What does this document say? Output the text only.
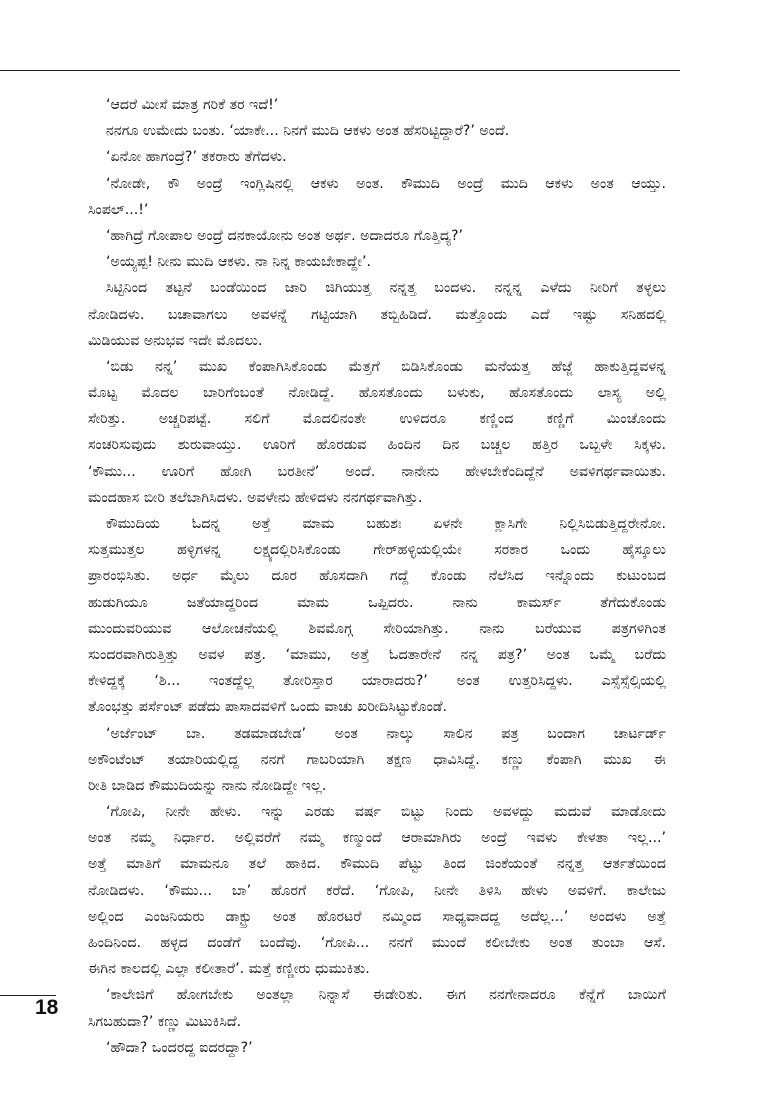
‘ಆದರೆ ಮೀಸೆ ಮಾತ್ರ ಗರಿಕೆ ತರ ಇದೆ!’
ನನಗೂ ಉಮೇದು ಬಂತು. ‘ಯಾಕೇ... ನಿನಗೆ ಮುದಿ ಆಕಳು ಅಂತ ಹೆಸರಿಟ್ಟಿದ್ದಾರೆ?’ ಅಂದೆ.
‘ಏನೋ ಹಾಗಂದ್ರೆ?’ ತಕರಾರು ತೆಗೆದಳು.
‘ನೋಡೇ, ಕೌ ಅಂದ್ರೆ ಇಂಗ್ಲಿಷಿನಲ್ಲಿ ಆಕಳು ಅಂತ. ಕೌಮುದಿ ಅಂದ್ರೆ ಮುದಿ ಆಕಳು ಅಂತ ಆಯ್ತು.
ಸಿಂಪಲ್...!’
‘ಹಾಗಿದ್ರೆ ಗೋಪಾಲ ಅಂದ್ರೆ ದನಕಾಯೋನು ಅಂತ ಅರ್ಥ. ಅದಾದರೂ ಗೊತ್ತಿದ್ಯ?’
‘ಅಯ್ಯಪ್ಪ! ನೀನು ಮುದಿ ಆಕಳು. ನಾ ನಿನ್ನ ಕಾಯಬೇಕಾದ್ದೇ’.
ಸಿಟ್ಟಿನಿಂದ ತಟ್ಟನೆ ಬಂಡೆಯಿಂದ ಜಾರಿ ಜಿಗಿಯುತ್ತ ನನ್ನತ್ತ ಬಂದಳು. ನನ್ನನ್ನ ಎಳೆದು ನೀರಿಗೆ ತಳ್ಳಲು
ನೋಡಿದಳು. ಬಚಾವಾಗಲು ಅವಳನ್ನೆ ಗಟ್ಟಿಯಾಗಿ ತಬ್ಬಿಹಿಡಿದೆ. ಮತ್ತೊಂದು ಎದೆ ಇಷ್ಟು ಸನಿಹದಲ್ಲಿ
ಮಿಡಿಯುವ ಅನುಭವ ಇದೇ ಮೊದಲು.
‘ಬಿಡು ನನ್ನ’ ಮುಖ ಕೆಂಪಾಗಿಸಿಕೊಂಡು ಮೆತ್ತಗೆ ಬಿಡಿಸಿಕೊಂಡು ಮನೆಯತ್ತ ಹೆಜ್ಜೆ ಹಾಕುತ್ತಿದ್ದವಳನ್ನ
ಮೊಟ್ಟ ಮೊದಲ ಬಾರಿಗೆಂಬಂತೆ ನೋಡಿದ್ದೆ. ಹೊಸತೊಂದು ಬಳುಕು, ಹೊಸತೊಂದು ಲಾಸ್ಯ ಅಲ್ಲಿ
ಸೇರಿತ್ತು. ಅಚ್ಚರಿಪಟ್ಟೆ. ಸಲಿಗೆ ಮೊದಲಿನಂತೇ ಉಳಿದರೂ ಕಣ್ಣಿಂದ ಕಣ್ಣಿಗೆ ಮಿಂಚೊಂದು
ಸಂಚರಿಸುವುದು ಶುರುವಾಯ್ತು. ಊರಿಗೆ ಹೊರಡುವ ಹಿಂದಿನ ದಿನ ಬಚ್ಚಲ ಹತ್ತಿರ ಒಬ್ಬಳೇ ಸಿಕ್ಕಳು.
‘ಕೌಮು... ಊರಿಗೆ ಹೋಗಿ ಬರತೀನೆ’ ಅಂದೆ. ನಾನೇನು ಹೇಳಬೇಕೆಂದಿದ್ದೆನೆ ಅವಳಿಗರ್ಥವಾಯಿತು.
ಮಂದಹಾಸ ಬೀರಿ ತಲೆಬಾಗಿಸಿದಳು. ಅವಳೇನು ಹೇಳಿದಳು ನನಗರ್ಥವಾಗಿತ್ತು.
ಕೌಮುದಿಯ ಓದನ್ನ ಅತ್ತೆ ಮಾಮ ಬಹುಶಃ ಏಳನೇ ಕ್ಲಾಸಿಗೇ ನಿಲ್ಲಿಸಿಬಿಡುತ್ತಿದ್ದರೇನೋ.
ಸುತ್ತಮುತ್ತಲ ಹಳ್ಳಿಗಳನ್ನ ಲಕ್ಷ್ಯದಲ್ಲಿರಿಸಿಕೊಂಡು ಗೇರ್‌ಹಳ್ಳಿಯಲ್ಲಿಯೇ ಸರಕಾರ ಒಂದು ಹೈಸ್ಕೂಲು
ಪ್ರಾರಂಭಿಸಿತು. ಅರ್ಧ ಮೈಲು ದೂರ ಹೊಸದಾಗಿ ಗದ್ದೆ ಕೊಂಡು ನೆಲೆಸಿದ ಇನ್ನೊಂದು ಕುಟುಂಬದ
ಹುಡುಗಿಯೂ ಜತೆಯಾದ್ದರಿಂದ ಮಾಮ ಒಪ್ಪಿದರು. ನಾನು ಕಾಮರ್ಸ್ ತೆಗೆದುಕೊಂಡು
ಮುಂದುವರಿಯುವ ಆಲೋಚನೆಯಲ್ಲಿ ಶಿವಮೊಗ್ಗ ಸೇರಿಯಾಗಿತ್ತು. ನಾನು ಬರೆಯುವ ಪತ್ರಗಳಿಗಿಂತ
ಸುಂದರವಾಗಿರುತ್ತಿತ್ತು ಅವಳ ಪತ್ರ. ‘ಮಾಮು, ಅತ್ತೆ ಓದತಾರೇನೆ ನನ್ನ ಪತ್ರ?’ ಅಂತ ಒಮ್ಮೆ ಬರೆದು
ಕೇಳಿದ್ದಕ್ಕೆ ‘ಶಿ... ಇಂತದ್ದೆಲ್ಲ ತೋರಿಸ್ತಾರ ಯಾರಾದರು?’ ಅಂತ ಉತ್ತರಿಸಿದ್ದಳು. ಎಸ್ಸೆಸ್ಸೆಲ್ಸಿಯಲ್ಲಿ
ತೊಂಭತ್ತು ಪರ್ಸೆಂಟ್ ಪಡೆದು ಪಾಸಾದವಳಿಗೆ ಒಂದು ವಾಚು ಖರೀದಿಸಿಟ್ಟುಕೊಂಡೆ.
‘ಅರ್ಜೆಂಟ್ ಬಾ. ತಡಮಾಡಬೇಡ’ ಅಂತ ನಾಲ್ಕು ಸಾಲಿನ ಪತ್ರ ಬಂದಾಗ ಚಾರ್ಟರ್ಡ್
ಅಕೌಂಟೆಂಟ್ ತಯಾರಿಯಲ್ಲಿದ್ದ ನನಗೆ ಗಾಬರಿಯಾಗಿ ತಕ್ಷಣ ಧಾವಿಸಿದ್ದೆ. ಕಣ್ಣು ಕೆಂಪಾಗಿ ಮುಖ ಈ
ರೀತಿ ಬಾಡಿದ ಕೌಮುದಿಯನ್ನು ನಾನು ನೋಡಿದ್ದೇ ಇಲ್ಲ.
‘ಗೋಪಿ, ನೀನೇ ಹೇಳು. ಇನ್ನು ಎರಡು ವರ್ಷ ಬಿಟ್ಟು ನಿಂದು ಅವಳದ್ದು ಮದುವೆ ಮಾಡೋದು
ಅಂತ ನಮ್ಮ ನಿರ್ಧಾರ. ಅಲ್ಲಿವರೆಗೆ ನಮ್ಮ ಕಣ್ಮುಂದೆ ಆರಾಮಾಗಿರು ಅಂದ್ರೆ ಇವಳು ಕೇಳತಾ ಇಲ್ಲ...’
ಅತ್ತೆ ಮಾತಿಗೆ ಮಾಮನೂ ತಲೆ ಹಾಕಿದ. ಕೌಮುದಿ ಪೆಟ್ಟು ತಿಂದ ಜಿಂಕೆಯಂತೆ ನನ್ನತ್ತ ಆರ್ತತೆಯಿಂದ
ನೋಡಿದಳು. ‘ಕೌಮು... ಬಾ’ ಹೊರಗೆ ಕರೆದೆ. ‘ಗೋಪಿ, ನೀನೇ ತಿಳಿಸಿ ಹೇಳು ಅವಳಿಗೆ. ಕಾಲೇಜು
ಅಲ್ಲಿಂದ ಎಂಜನಿಯರು ಡಾಕ್ಟ್ರು ಅಂತ ಹೊರಟರೆ ನಮ್ಮಿಂದ ಸಾಧ್ಯವಾದದ್ದ ಅದೆಲ್ಲ...’ ಅಂದಳು ಅತ್ತೆ
ಹಿಂದಿನಿಂದ. ಹಳ್ಳದ ದಂಡೆಗೆ ಬಂದೆವು. ‘ಗೋಪಿ... ನನಗೆ ಮುಂದೆ ಕಲೀಬೇಕು ಅಂತ ತುಂಬಾ ಆಸೆ.
ಈಗಿನ ಕಾಲದಲ್ಲಿ ಎಲ್ಲಾ ಕಲೀತಾರೆ’. ಮತ್ತೆ ಕಣ್ಣೀರು ಧುಮುಕಿತು.
‘ಕಾಲೇಜಿಗೆ ಹೋಗಬೇಕು ಅಂತಲ್ಲಾ ನಿನ್ನಾಸೆ ಈಡೇರಿತು. ಈಗ ನನಗೇನಾದರೂ ಕೆನ್ನೆಗೆ ಬಾಯಿಗೆ
ಸಿಗಬಹುದಾ?’ ಕಣ್ಣು ಮಿಟುಕಿಸಿದೆ.
‘ಹೌದಾ? ಒಂದರದ್ದ ಐದರದ್ದಾ?’
18
